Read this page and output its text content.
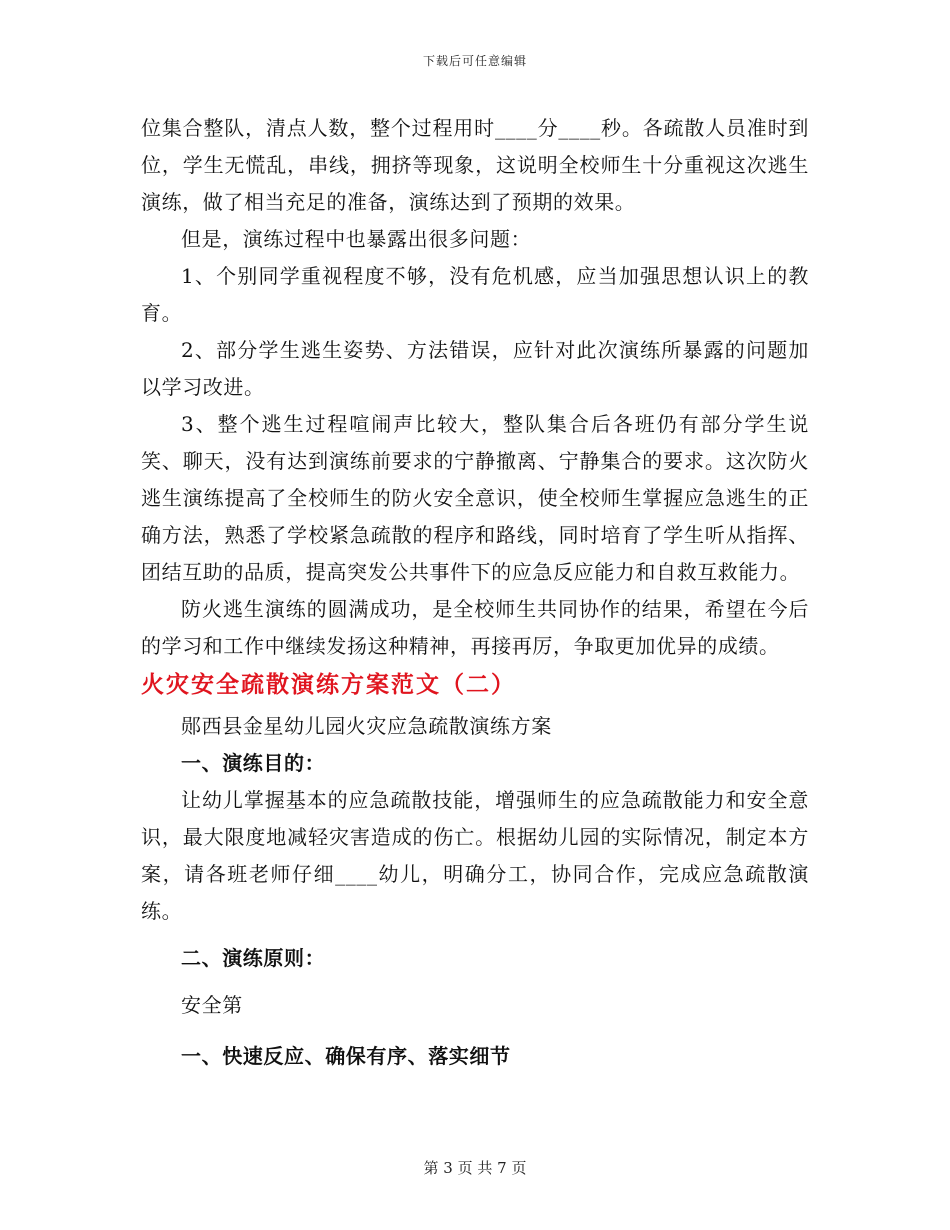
下载后可任意编辑

位集合整队，清点人数，整个过程用时____分____秒。各疏散人员准时到位，学生无慌乱，串线，拥挤等现象，这说明全校师生十分重视这次逃生演练，做了相当充足的准备，演练达到了预期的效果。

但是，演练过程中也暴露出很多问题：

1、个别同学重视程度不够，没有危机感，应当加强思想认识上的教育。

2、部分学生逃生姿势、方法错误，应针对此次演练所暴露的问题加以学习改进。

3、整个逃生过程喧闹声比较大，整队集合后各班仍有部分学生说笑、聊天，没有达到演练前要求的宁静撤离、宁静集合的要求。这次防火逃生演练提高了全校师生的防火安全意识，使全校师生掌握应急逃生的正确方法，熟悉了学校紧急疏散的程序和路线，同时培育了学生听从指挥、团结互助的品质，提高突发公共事件下的应急反应能力和自救互救能力。

防火逃生演练的圆满成功，是全校师生共同协作的结果，希望在今后的学习和工作中继续发扬这种精神，再接再厉，争取更加优异的成绩。

火灾安全疏散演练方案范文（二）

郧西县金星幼儿园火灾应急疏散演练方案

一、演练目的：

让幼儿掌握基本的应急疏散技能，增强师生的应急疏散能力和安全意识，最大限度地减轻灾害造成的伤亡。根据幼儿园的实际情况，制定本方案，请各班老师仔细____幼儿，明确分工，协同合作，完成应急疏散演练。

二、演练原则：

安全第

一、快速反应、确保有序、落实细节

第 3 页 共 7 页
